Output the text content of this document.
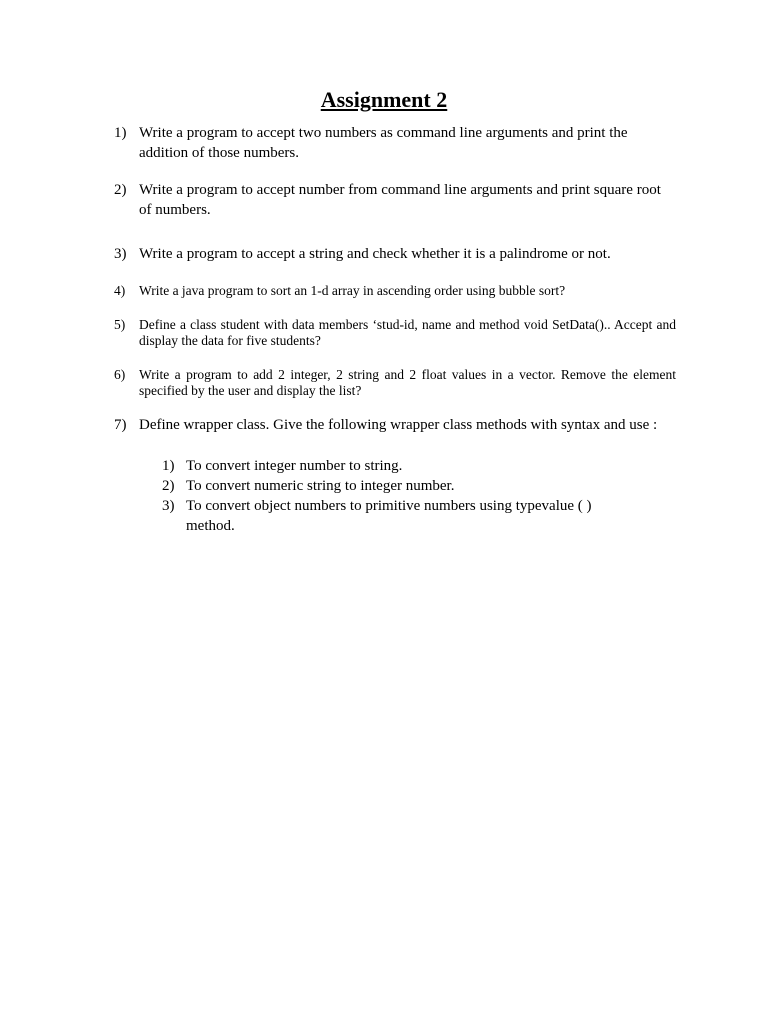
Assignment 2
1) Write a program to accept two numbers as command line arguments and print the addition of those numbers.
2) Write a program to accept number from command line arguments and print square root of numbers.
3) Write a program to accept a string and check whether it is a palindrome or not.
4)	Write a java program to sort an 1-d array in ascending order using bubble sort?
5)	Define a class student with data members ‘stud-id, name and method void SetData().. Accept and display the data for five students?
6)	Write a program to add 2 integer, 2 string and 2 float values in a vector. Remove the element specified by the user and display the list?
7) Define wrapper class. Give the following wrapper class methods with syntax and use :
1) To convert integer number to string.
2) To convert numeric string to integer number.
3) To convert object numbers to primitive numbers using typevalue ( ) method.
